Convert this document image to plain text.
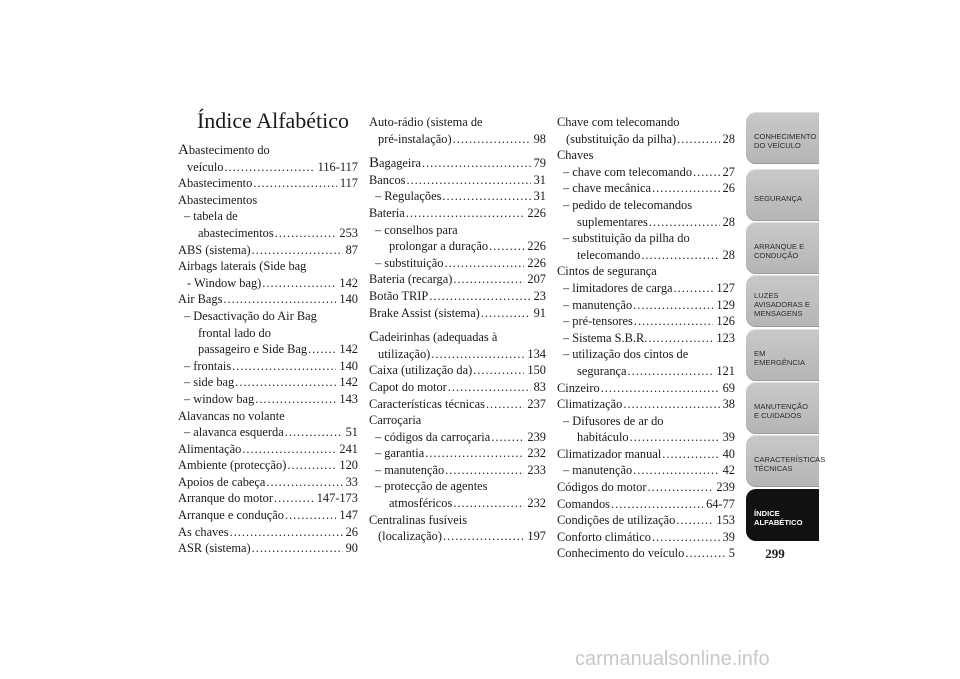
Índice Alfabético
Abastecimento do
veículo .....	116-117
Abastecimento .....	117
Abastecimentos
– tabela de
abastecimentos .....	253
ABS (sistema) .....	87
Airbags laterais (Side bag
- Window bag) .....	142
Air Bags .....	140
– Desactivação do Air Bag
frontal lado do
passageiro e Side Bag .....	142
– frontais .....	140
– side bag .....	142
– window bag .....	143
Alavancas no volante
– alavanca esquerda .....	51
Alimentação .....	241
Ambiente (protecção) .....	120
Apoios de cabeça .....	33
Arranque do motor .....	147-173
Arranque e condução .....	147
As chaves .....	26
ASR (sistema) .....	90
Auto-rádio (sistema de
pré-instalação) .....	98
Bagageira .....	79
Bancos .....	31
– Regulações .....	31
Bateria .....	226
– conselhos para
prolongar a duração .....	226
– substituição .....	226
Bateria (recarga) .....	207
Botão TRIP .....	23
Brake Assist (sistema) .....	91
Cadeirinhas (adequadas à
utilização) .....	134
Caixa (utilização da) .....	150
Capot do motor .....	83
Características técnicas .....	237
Carroçaria
– códigos da carroçaria .....	239
– garantia .....	232
– manutenção .....	233
– protecção de agentes
atmosféricos .....	232
Centralinas fusíveis
(localização) .....	197
Chave com telecomando
(substituição da pilha) .....	28
Chaves
– chave com telecomando ..... 27
– chave mecânica .....	26
– pedido de telecomandos
suplementares .....	28
– substituição da pilha do
telecomando .....	28
Cintos de segurança
– limitadores de carga .....	127
– manutenção .....	129
– pré-tensores .....	126
– Sistema S.B.R. .....	123
– utilização dos cintos de
segurança .....	121
Cinzeiro .....	69
Climatização .....	38
– Difusores de ar do
habitáculo .....	39
Climatizador manual .....	40
– manutenção .....	42
Códigos do motor .....	239
Comandos .....	64-77
Condições de utilização .....	153
Conforto climático .....	39
Conhecimento do veículo .....	5
CONHECIMENTO DO VEÍCULO
SEGURANÇA
ARRANQUE E CONDUÇÃO
LUZES AVISADORAS E MENSAGENS
EM EMERGÊNCIA
MANUTENÇÃO E CUIDADOS
CARACTERÍSTICAS TÉCNICAS
ÍNDICE ALFABÉTICO
299
carmanualsonline.info
